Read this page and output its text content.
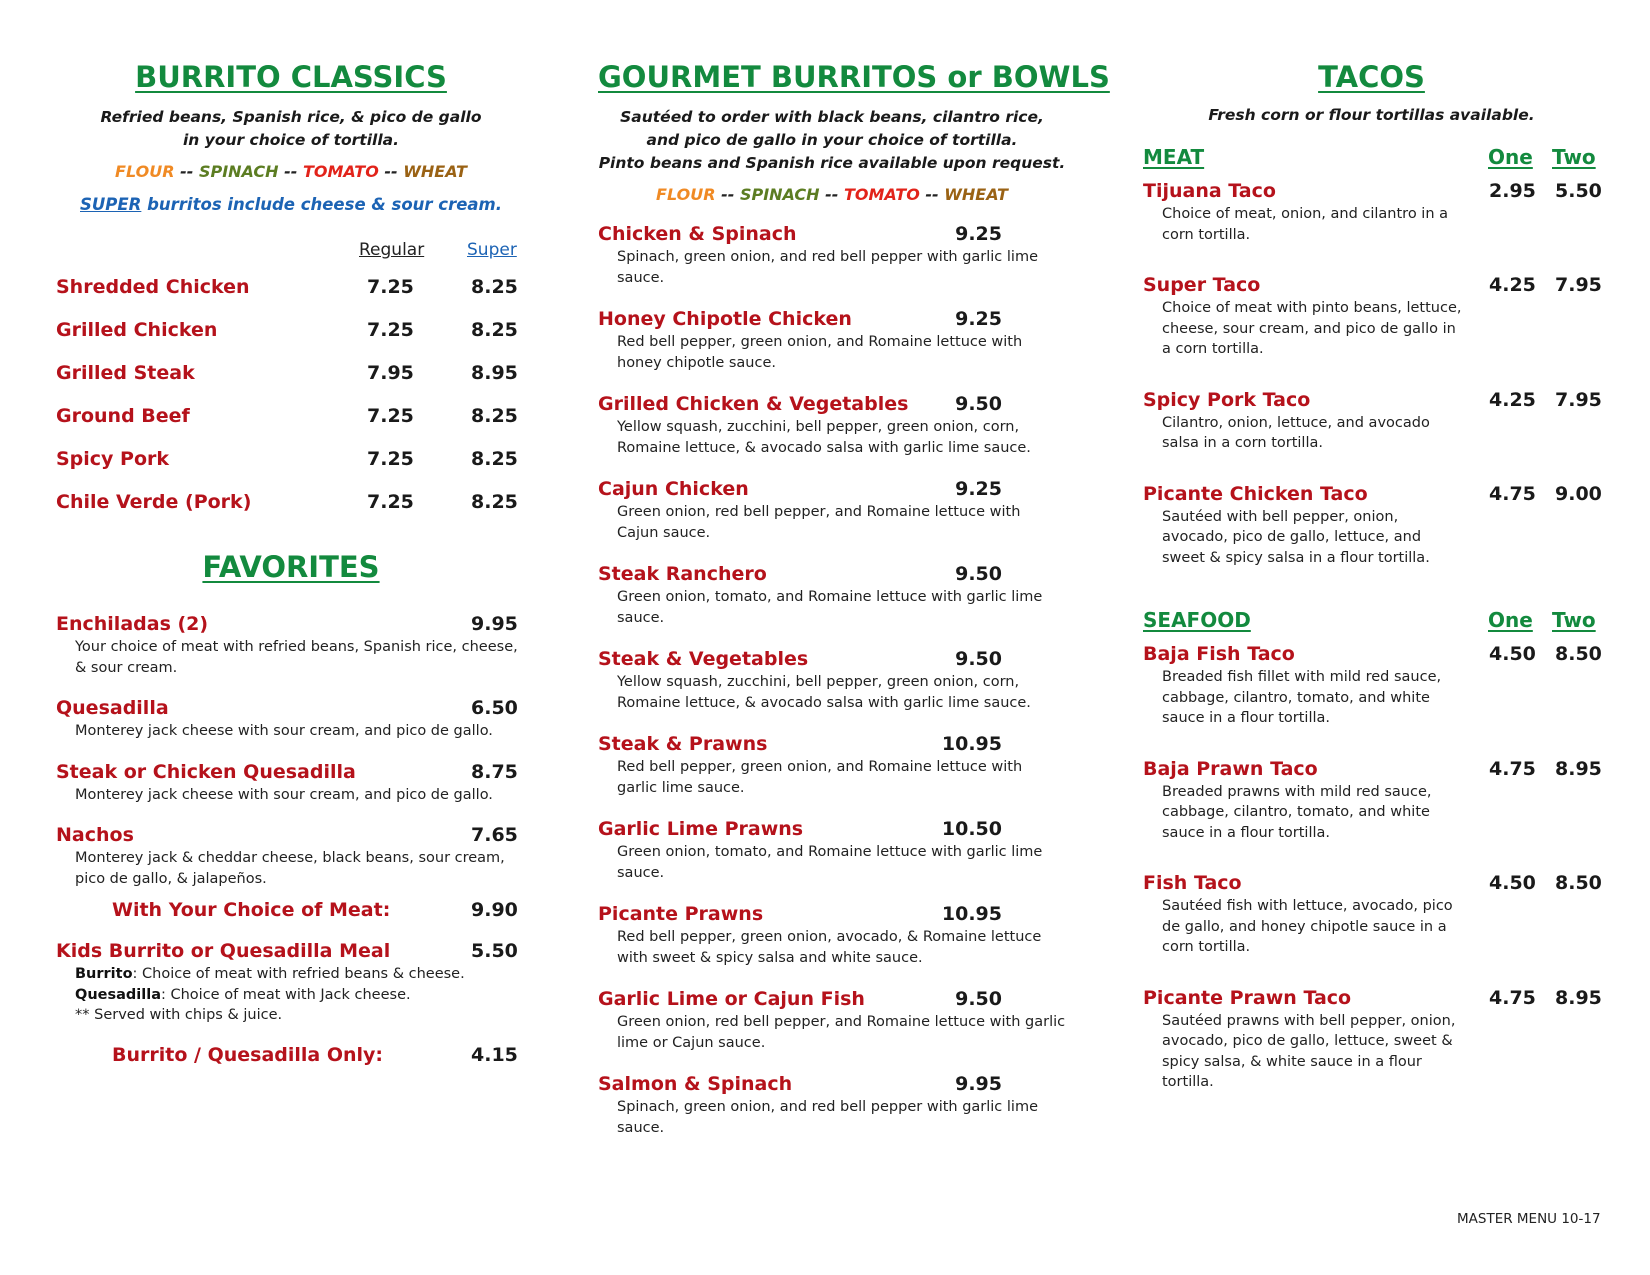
BURRITO CLASSICS
Refried beans, Spanish rice, & pico de gallo
in your choice of tortilla.
FLOUR -- SPINACH -- TOMATO -- WHEAT
SUPER burritos include cheese & sour cream.
Regular	Super
Shredded Chicken	7.25	8.25
Grilled Chicken	7.25	8.25
Grilled Steak	7.95	8.95
Ground Beef	7.25	8.25
Spicy Pork	7.25	8.25
Chile Verde (Pork)	7.25	8.25
FAVORITES
Enchiladas (2)	9.95
Your choice of meat with refried beans, Spanish rice, cheese, & sour cream.
Quesadilla	6.50
Monterey jack cheese with sour cream, and pico de gallo.
Steak or Chicken Quesadilla	8.75
Monterey jack cheese with sour cream, and pico de gallo.
Nachos	7.65
Monterey jack & cheddar cheese, black beans, sour cream, pico de gallo, & jalapeños.
With Your Choice of Meat:	9.90
Kids Burrito or Quesadilla Meal	5.50
Burrito: Choice of meat with refried beans & cheese.
Quesadilla: Choice of meat with Jack cheese.
** Served with chips & juice.
Burrito / Quesadilla Only:	4.15
GOURMET BURRITOS or BOWLS
Sautéed to order with black beans, cilantro rice,
and pico de gallo in your choice of tortilla.
Pinto beans and Spanish rice available upon request.
FLOUR -- SPINACH -- TOMATO -- WHEAT
Chicken & Spinach	9.25
Spinach, green onion, and red bell pepper with garlic lime sauce.
Honey Chipotle Chicken	9.25
Red bell pepper, green onion, and Romaine lettuce with honey chipotle sauce.
Grilled Chicken & Vegetables	9.50
Yellow squash, zucchini, bell pepper, green onion, corn, Romaine lettuce, & avocado salsa with garlic lime sauce.
Cajun Chicken	9.25
Green onion, red bell pepper, and Romaine lettuce with Cajun sauce.
Steak Ranchero	9.50
Green onion, tomato, and Romaine lettuce with garlic lime sauce.
Steak & Vegetables	9.50
Yellow squash, zucchini, bell pepper, green onion, corn, Romaine lettuce, & avocado salsa with garlic lime sauce.
Steak & Prawns	10.95
Red bell pepper, green onion, and Romaine lettuce with garlic lime sauce.
Garlic Lime Prawns	10.50
Green onion, tomato, and Romaine lettuce with garlic lime sauce.
Picante Prawns	10.95
Red bell pepper, green onion, avocado, & Romaine lettuce with sweet & spicy salsa and white sauce.
Garlic Lime or Cajun Fish	9.50
Green onion, red bell pepper, and Romaine lettuce with garlic lime or Cajun sauce.
Salmon & Spinach	9.95
Spinach, green onion, and red bell pepper with garlic lime sauce.
TACOS
Fresh corn or flour tortillas available.
MEAT	One Two
Tijuana Taco	2.95 5.50
Choice of meat, onion, and cilantro in a corn tortilla.
Super Taco	4.25 7.95
Choice of meat with pinto beans, lettuce, cheese, sour cream, and pico de gallo in a corn tortilla.
Spicy Pork Taco	4.25 7.95
Cilantro, onion, lettuce, and avocado salsa in a corn tortilla.
Picante Chicken Taco	4.75 9.00
Sautéed with bell pepper, onion, avocado, pico de gallo, lettuce, and sweet & spicy salsa in a flour tortilla.
SEAFOOD	One Two
Baja Fish Taco	4.50 8.50
Breaded fish fillet with mild red sauce, cabbage, cilantro, tomato, and white sauce in a flour tortilla.
Baja Prawn Taco	4.75 8.95
Breaded prawns with mild red sauce, cabbage, cilantro, tomato, and white sauce in a flour tortilla.
Fish Taco	4.50 8.50
Sautéed fish with lettuce, avocado, pico de gallo, and honey chipotle sauce in a corn tortilla.
Picante Prawn Taco	4.75 8.95
Sautéed prawns with bell pepper, onion, avocado, pico de gallo, lettuce, sweet & spicy salsa, & white sauce in a flour tortilla.
MASTER MENU 10-17
